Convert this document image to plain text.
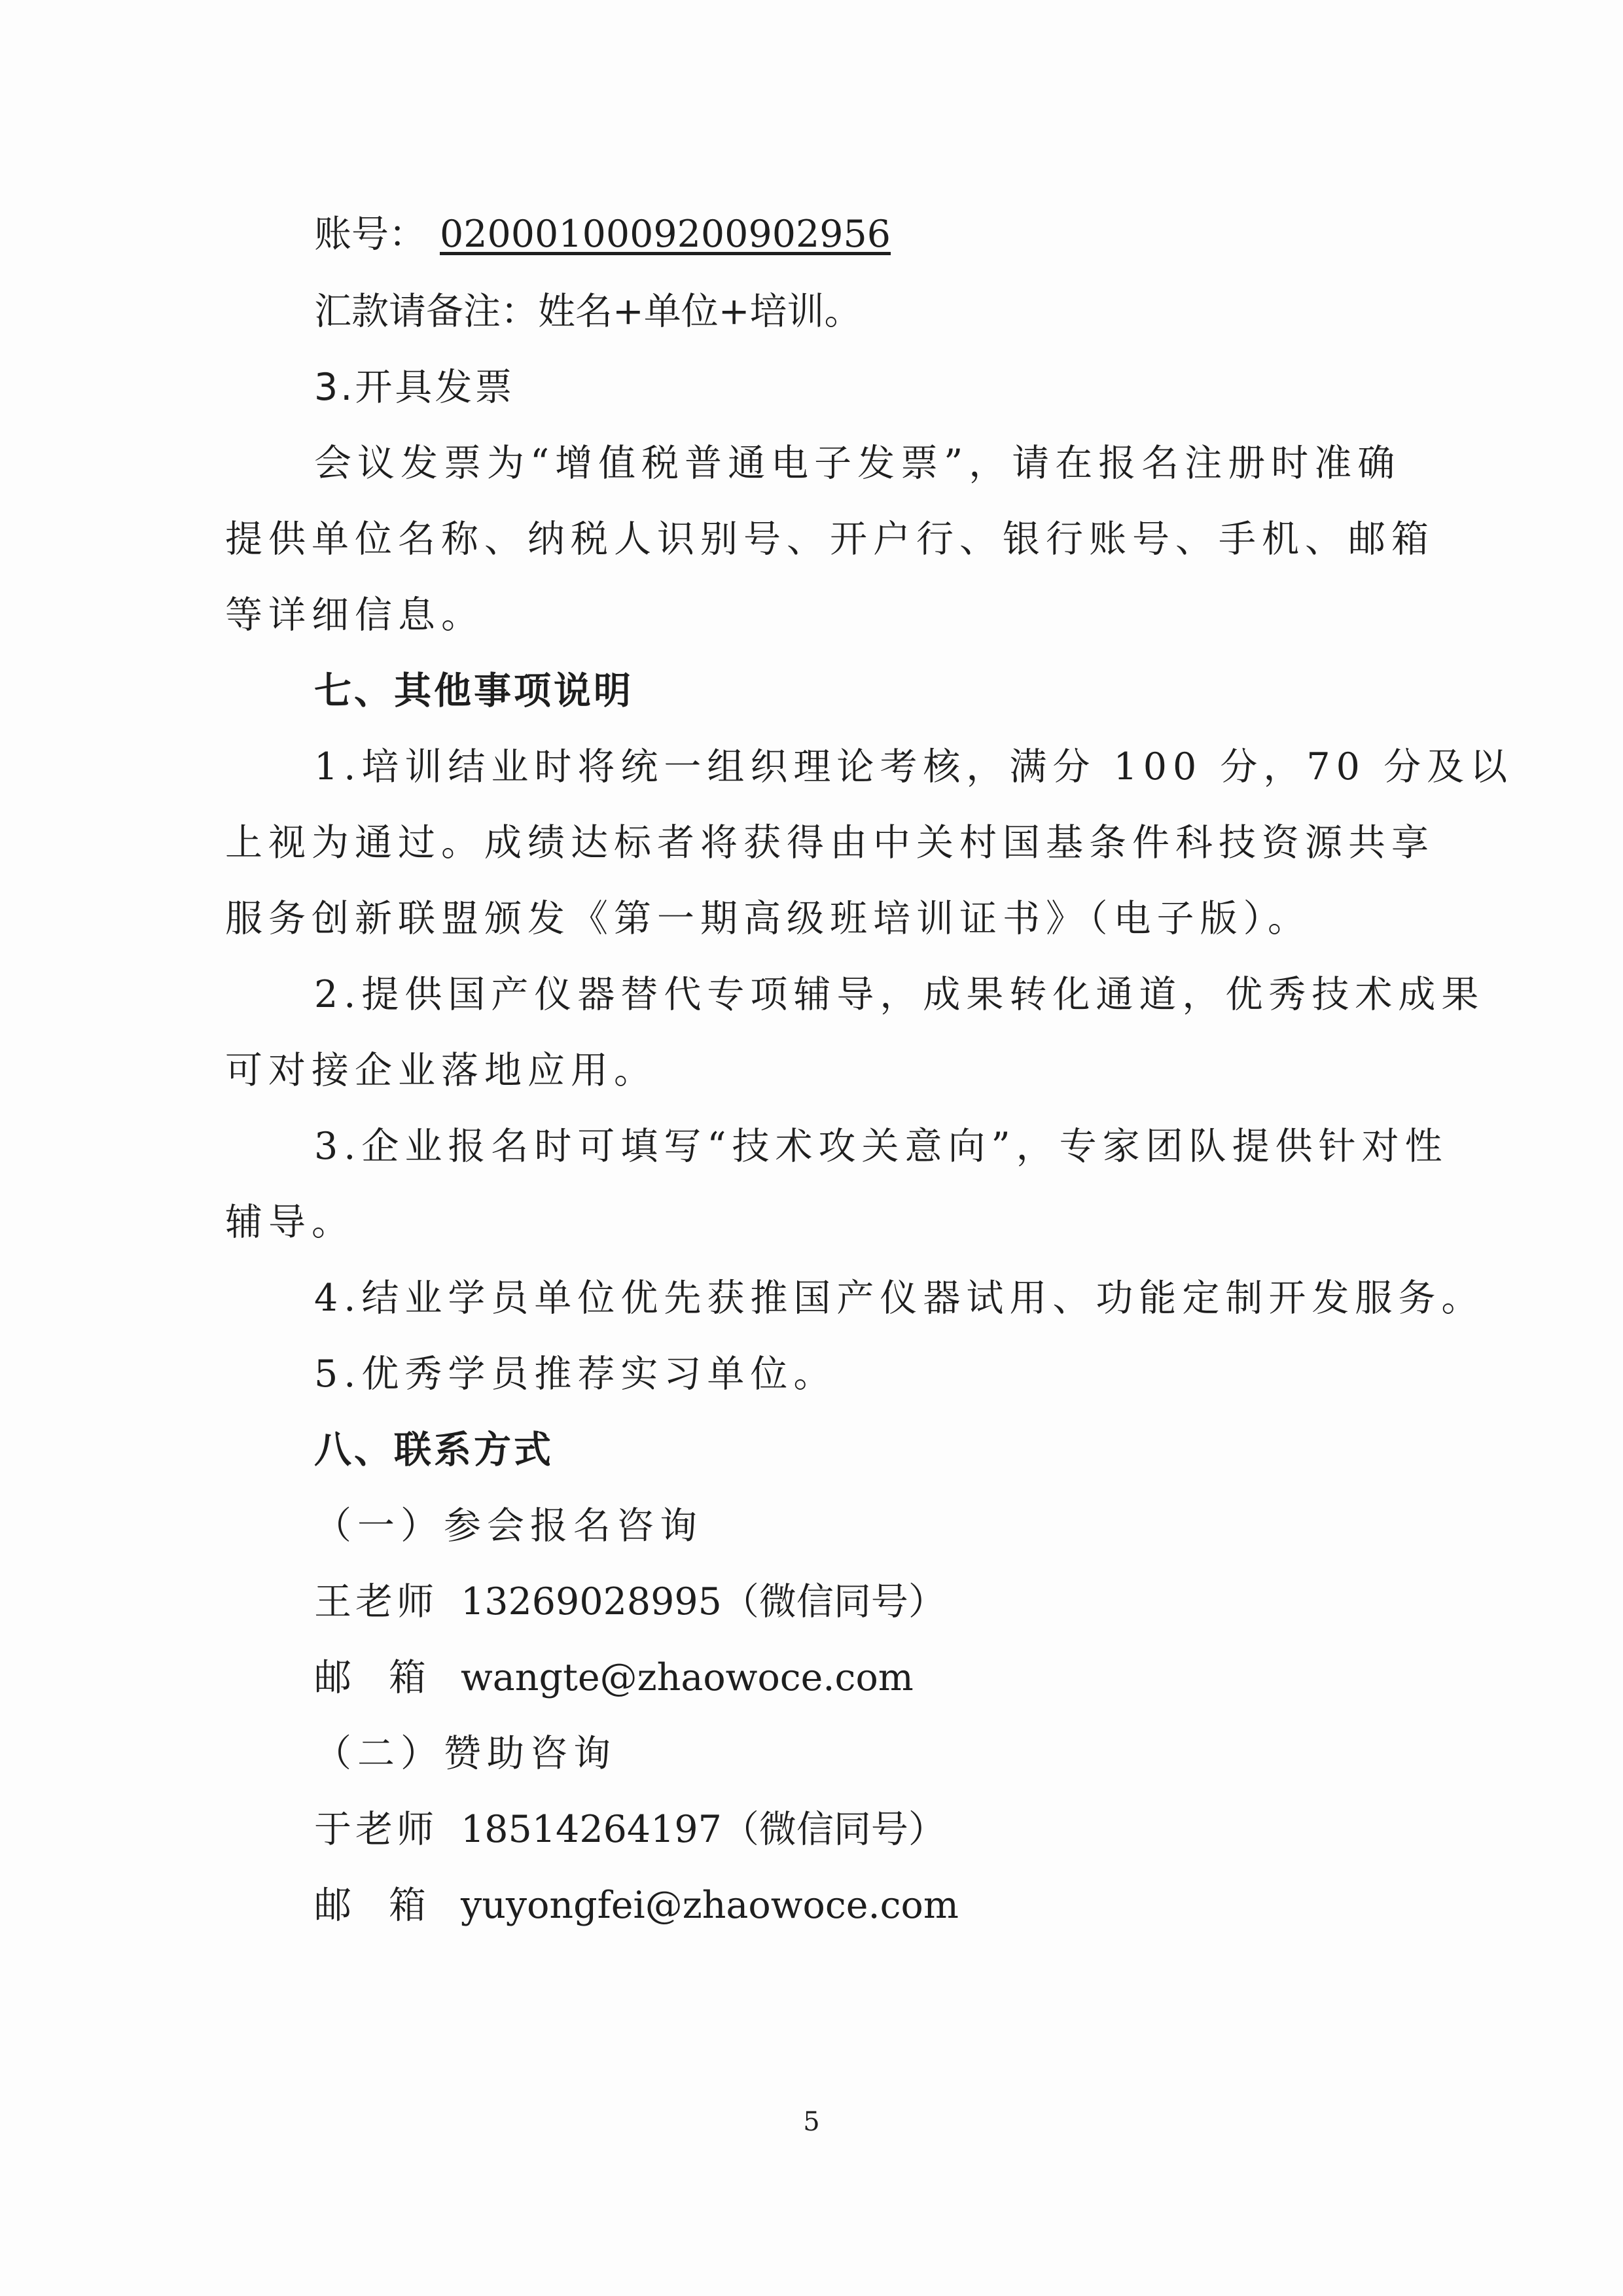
账号： 0200010009200902956
汇款请备注：姓名+单位+培训。
3.开具发票
会议发票为“增值税普通电子发票”，请在报名注册时准确
提供单位名称、纳税人识别号、开户行、银行账号、手机、邮箱
等详细信息。
七、其他事项说明
1.培训结业时将统一组织理论考核，满分 100 分，70 分及以
上视为通过。成绩达标者将获得由中关村国基条件科技资源共享
服务创新联盟颁发《第一期高级班培训证书》（电子版）。
2.提供国产仪器替代专项辅导，成果转化通道，优秀技术成果
可对接企业落地应用。
3.企业报名时可填写“技术攻关意向”，专家团队提供针对性
辅导。
4.结业学员单位优先获推国产仪器试用、功能定制开发服务。
5.优秀学员推荐实习单位。
八、联系方式
（一）参会报名咨询
王老师 13269028995（微信同号）
邮　箱 wangte@zhaowoce.com
（二）赞助咨询
于老师 18514264197（微信同号）
邮　箱 yuyongfei@zhaowoce.com
5
